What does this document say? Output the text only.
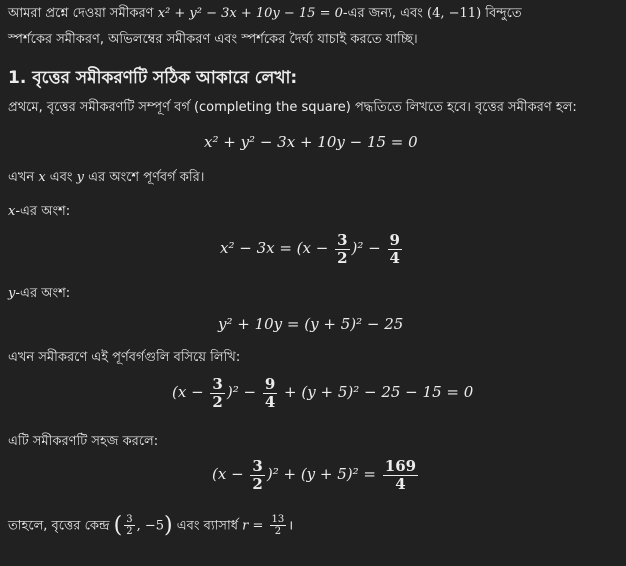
আমরা প্রশ্নে দেওয়া সমীকরণ x² + y² − 3x + 10y − 15 = 0-এর জন্য, এবং (4, −11) বিন্দুতে

স্পর্শকের সমীকরণ, অভিলম্বের সমীকরণ এবং স্পর্শকের দৈর্ঘ্য যাচাই করতে যাচ্ছি।

1. বৃত্তের সমীকরণটি সঠিক আকারে লেখা:

প্রথমে, বৃত্তের সমীকরণটি সম্পূর্ণ বর্গ (completing the square) পদ্ধতিতে লিখতে হবে। বৃত্তের সমীকরণ হল:

x² + y² − 3x + 10y − 15 = 0

এখন x এবং y এর অংশে পূর্ণবর্গ করি।

x-এর অংশ:

$x^2 - 3x = (x - \frac{3}{2} )^2 - \frac{9}{4}$

y-এর অংশ:

y² + 10y = (y + 5)² − 25

এখন সমীকরণে এই পূর্ণবর্গগুলি বসিয়ে লিখি:

$(x - \frac{3}{2} )^2 - \frac{9}{4} + (y + 5)^2 - 25 - 15 = 0$

এটি সমীকরণটি সহজ করলে:

$(x - \frac{3}{2} )^2 + (y + 5)^2 = \frac{169}{4}$

তাহলে, বৃত্তের কেন্দ্র ( $\frac{3}{2}$ , −5) এবং ব্যাসার্ধ $r = \frac{13}{2}$ ।
